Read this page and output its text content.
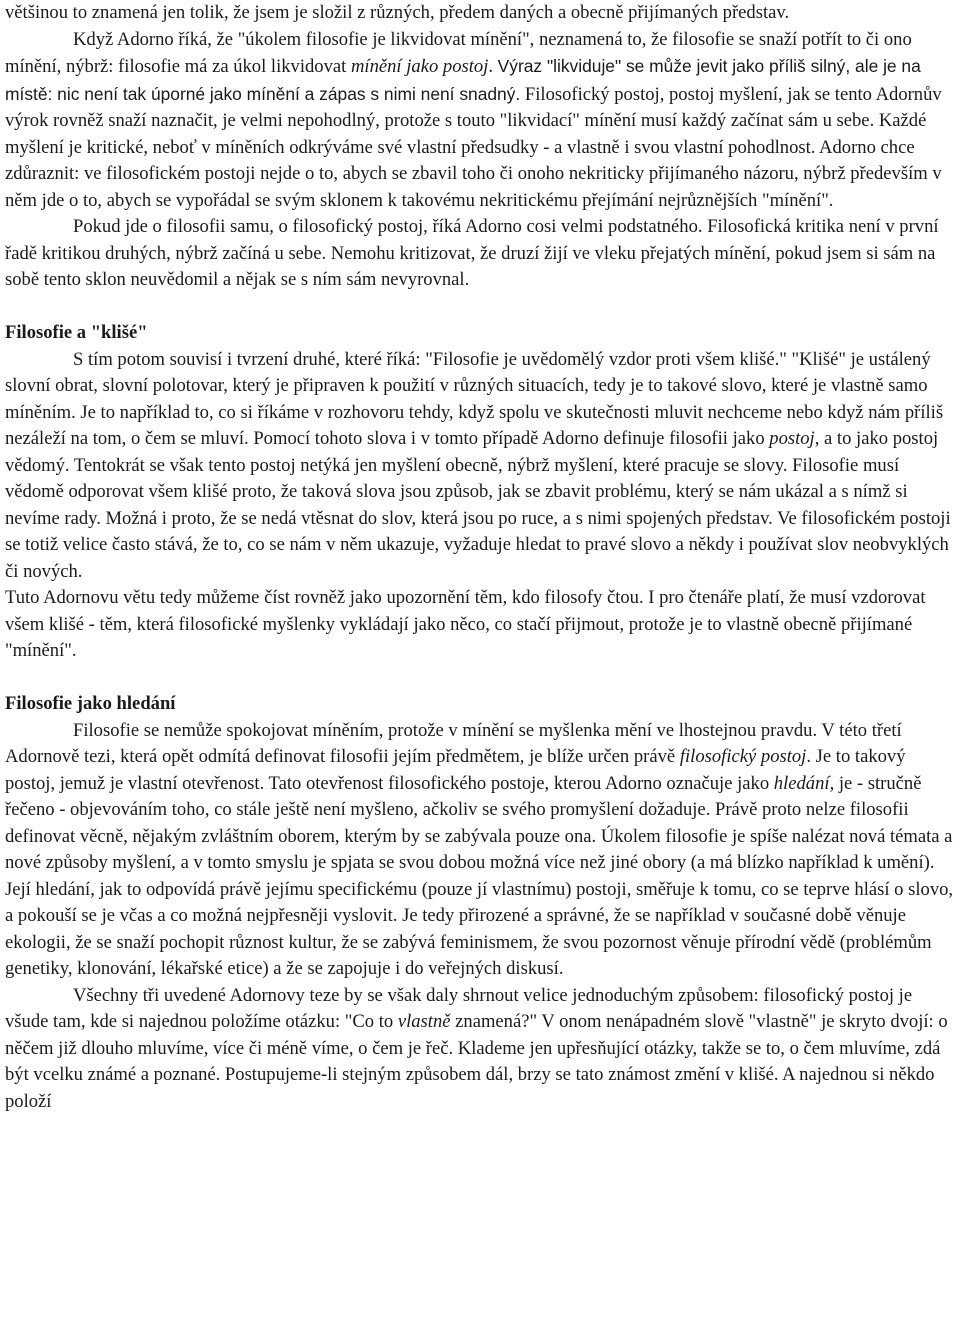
většinou to znamená jen tolik, že jsem je složil z různých, předem daných a obecně přijímaných představ.

Když Adorno říká, že "úkolem filosofie je likvidovat mínění", neznamená to, že filosofie se snaží potřít to či ono mínění, nýbrž: filosofie má za úkol likvidovat mínění jako postoj. Výraz "likviduje" se může jevit jako příliš silný, ale je na místě: nic není tak úporné jako mínění a zápas s nimi není snadný. Filosofický postoj, postoj myšlení, jak se tento Adornův výrok rovněž snaží naznačit, je velmi nepohodlný, protože s touto "likvidací" mínění musí každý začínat sám u sebe. Každé myšlení je kritické, neboť v míněních odkrýváme své vlastní předsudky - a vlastně i svou vlastní pohodlnost. Adorno chce zdůraznit: ve filosofickém postoji nejde o to, abych se zbavil toho či onoho nekriticky přijímaného názoru, nýbrž především v něm jde o to, abych se vypořádal se svým sklonem k takovému nekritickému přejímání nejrůznějších "mínění".

Pokud jde o filosofii samu, o filosofický postoj, říká Adorno cosi velmi podstatného. Filosofická kritika není v první řadě kritikou druhých, nýbrž začíná u sebe. Nemohu kritizovat, že druzí žijí ve vleku přejatých mínění, pokud jsem si sám na sobě tento sklon neuvědomil a nějak se s ním sám nevyrovnal.

Filosofie a "klišé"

S tím potom souvisí i tvrzení druhé, které říká: "Filosofie je uvědomělý vzdor proti všem klišé." "Klišé" je ustálený slovní obrat, slovní polotovar, který je připraven k použití v různých situacích, tedy je to takové slovo, které je vlastně samo míněním. Je to například to, co si říkáme v rozhovoru tehdy, když spolu ve skutečnosti mluvit nechceme nebo když nám příliš nezáleží na tom, o čem se mluví. Pomocí tohoto slova i v tomto případě Adorno definuje filosofii jako postoj, a to jako postoj vědomý. Tentokrát se však tento postoj netýká jen myšlení obecně, nýbrž myšlení, které pracuje se slovy. Filosofie musí vědomě odporovat všem klišé proto, že taková slova jsou způsob, jak se zbavit problému, který se nám ukázal a s nímž si nevíme rady. Možná i proto, že se nedá vtěsnat do slov, která jsou po ruce, a s nimi spojených představ. Ve filosofickém postoji se totiž velice často stává, že to, co se nám v něm ukazuje, vyžaduje hledat to pravé slovo a někdy i používat slov neobvyklých či nových.

Tuto Adornovu větu tedy můžeme číst rovněž jako upozornění těm, kdo filosofy čtou. I pro čtenáře platí, že musí vzdorovat všem klišé - těm, která filosofické myšlenky vykládají jako něco, co stačí přijmout, protože je to vlastně obecně přijímané "mínění".

Filosofie jako hledání

Filosofie se nemůže spokojovat míněním, protože v mínění se myšlenka mění ve lhostejnou pravdu. V této třetí Adornově tezi, která opět odmítá definovat filosofii jejím předmětem, je blíže určen právě filosofický postoj. Je to takový postoj, jemuž je vlastní otevřenost. Tato otevřenost filosofického postoje, kterou Adorno označuje jako hledání, je - stručně řečeno - objevováním toho, co stále ještě není myšleno, ačkoliv se svého promyšlení dožaduje. Právě proto nelze filosofii definovat věcně, nějakým zvláštním oborem, kterým by se zabývala pouze ona. Úkolem filosofie je spíše nalézat nová témata a nové způsoby myšlení, a v tomto smyslu je spjata se svou dobou možná více než jiné obory (a má blízko například k umění). Její hledání, jak to odpovídá právě jejímu specifickému (pouze jí vlastnímu) postoji, směřuje k tomu, co se teprve hlásí o slovo, a pokouší se je včas a co možná nejpřesněji vyslovit. Je tedy přirozené a správné, že se například v současné době věnuje ekologii, že se snaží pochopit různost kultur, že se zabývá feminismem, že svou pozornost věnuje přírodní vědě (problémům genetiky, klonování, lékařské etice) a že se zapojuje i do veřejných diskusí.

Všechny tři uvedené Adornovy teze by se však daly shrnout velice jednoduchým způsobem: filosofický postoj je všude tam, kde si najednou položíme otázku: "Co to vlastně znamená?" V onom nenápadném slově "vlastně" je skryto dvojí: o něčem již dlouho mluvíme, více či méně víme, o čem je řeč. Klademe jen upřesňující otázky, takže se to, o čem mluvíme, zdá být vcelku známé a poznané. Postupujeme-li stejným způsobem dál, brzy se tato známost změní v klišé. A najednou si někdo položí
